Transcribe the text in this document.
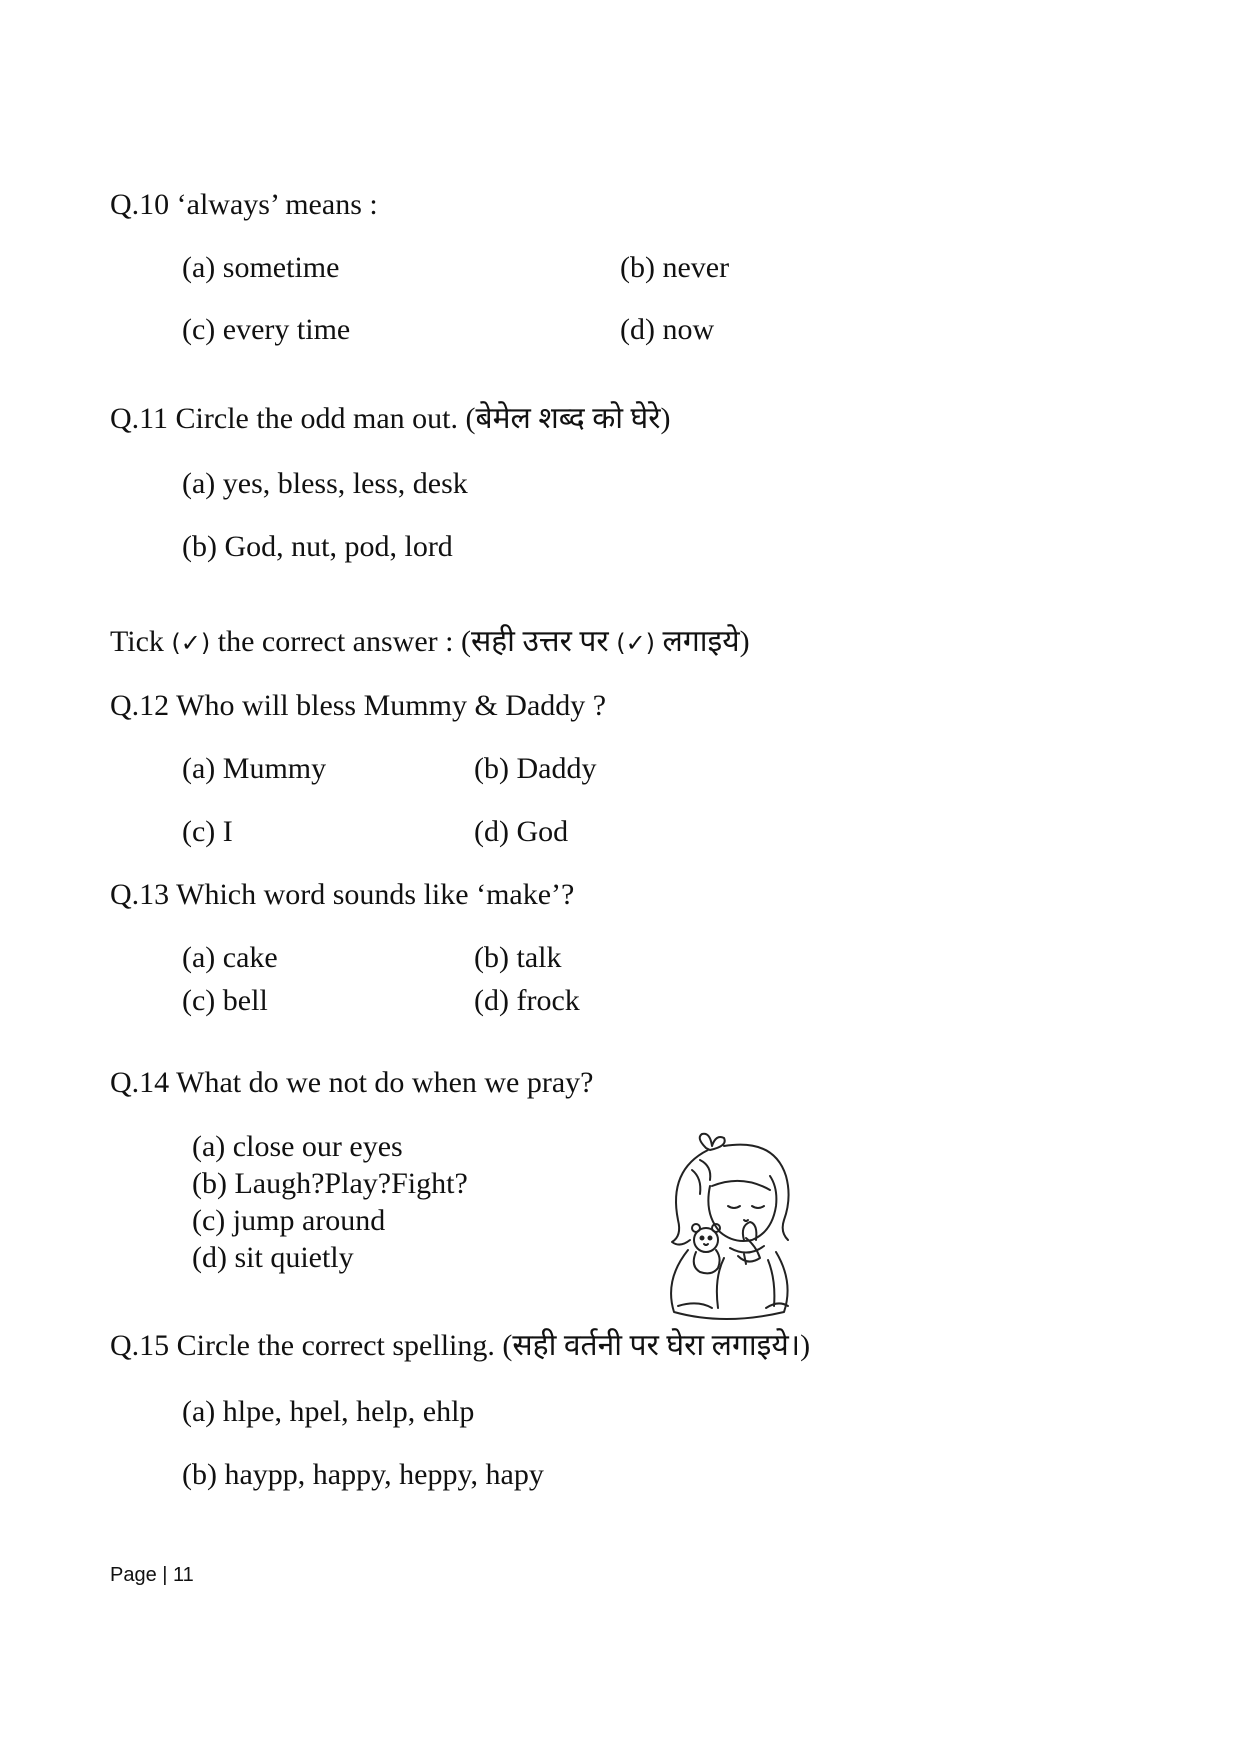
Q.10 ‘always’ means :
(a) sometime	(b) never
(c) every time	(d) now
Q.11 Circle the odd man out. (बेमेल शब्द को घेरे)
(a) yes, bless, less, desk
(b) God, nut, pod, lord
Tick (✓) the correct answer : (सही उत्तर पर (✓) लगाइये)
Q.12 Who will bless Mummy & Daddy ?
(a) Mummy	(b) Daddy
(c) I	(d) God
Q.13 Which word sounds like ‘make’?
(a) cake	(b) talk
(c) bell	(d) frock
Q.14 What do we not do when we pray?
(a) close our eyes
(b) Laugh?Play?Fight?
(c) jump around
(d) sit quietly
Q.15 Circle the correct spelling. (सही वर्तनी पर घेरा लगाइये।)
(a) hlpe, hpel, help, ehlp
(b) haypp, happy, heppy, hapy
Page | 11
